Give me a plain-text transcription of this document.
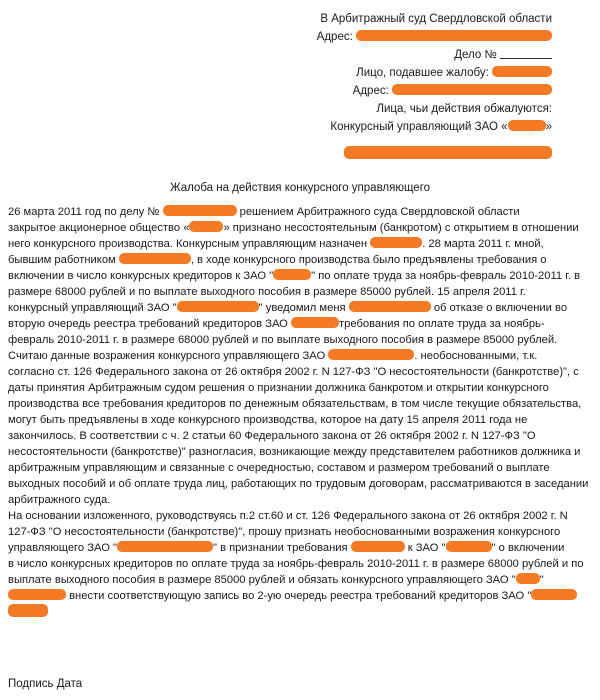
В Арбитражный суд Свердловской области
Адрес:
Дело №
Лицо, подавшее жалобу:
Адрес:
Лица, чьи действия обжалуются:
Конкурсный управляющий ЗАО «	»
Жалоба на действия конкурсного управляющего
26 марта 2011 год по делу №	решением Арбитражного суда Свердловской области
закрытое акционерное общество «	» признано несостоятельным (банкротом) с открытием в отношении
него конкурсного производства. Конкурсным управляющим назначен	. 28 марта 2011 г. мной,
бывшим работником	, в ходе конкурсного производства было предъявлены требования о
включении в число конкурсных кредиторов к ЗАО "	" по оплате труда за ноябрь-февраль 2010-2011 г. в
размере 68000 рублей и по выплате выходного пособия в размере 85000 рублей. 15 апреля 2011 г.
конкурсный управляющий ЗАО "	" уведомил меня	об отказе о включении во
вторую очередь реестра требований кредиторов ЗАО	требования по оплате труда за ноябрь-
февраль 2010-2011 г. в размере 68000 рублей и по выплате выходного пособия в размере 85000 рублей.
Считаю данные возражения конкурсного управляющего ЗАО	. необоснованными, т.к.
согласно ст. 126 Федерального закона от 26 октября 2002 г. N 127-ФЗ "О несостоятельности (банкротстве)", с
даты принятия Арбитражным судом решения о признании должника банкротом и открытии конкурсного
производства все требования кредиторов по денежным обязательствам, в том числе текущие обязательства,
могут быть предъявлены в ходе конкурсного производства, которое на дату 15 апреля 2011 года не
закончилось. В соответствии с ч. 2 статьи 60 Федерального закона от 26 октября 2002 г. N 127-ФЗ "О
несостоятельности (банкротстве)" разногласия, возникающие между представителем работников должника и
арбитражным управляющим и связанные с очередностью, составом и размером требований о выплате
выходных пособий и об оплате труда лиц, работающих по трудовым договорам, рассматриваются в заседании
арбитражного суда.
На основании изложенного, руководствуясь п.2 ст.60 и ст. 126 Федерального закона от 26 октября 2002 г. N
127-ФЗ "О несостоятельности (банкротстве)", прошу признать необоснованными возражения конкурсного
управляющего ЗАО "	" в признании требования	к ЗАО "	" о включении
в число конкурсных кредиторов по оплате труда за ноябрь-февраль 2010-2011 г. в размере 68000 рублей и по
выплате выходного пособия в размере 85000 рублей и обязать конкурсного управляющего ЗАО " "
внести соответствующую запись во 2-ую очередь реестра требований кредиторов ЗАО "
Подпись Дата
